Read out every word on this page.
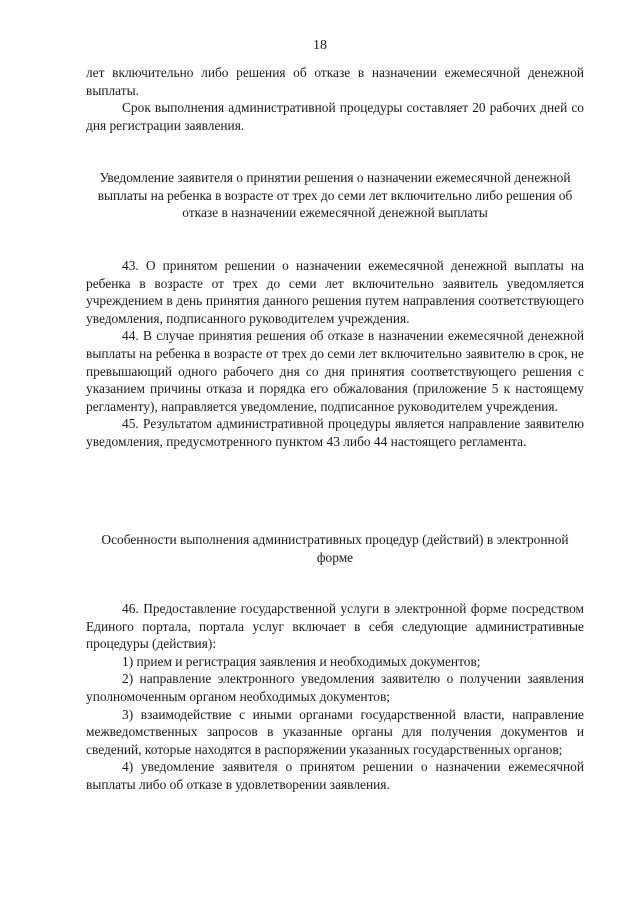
18

лет включительно либо решения об отказе в назначении ежемесячной денежной выплаты.

Срок выполнения административной процедуры составляет 20 рабочих дней со дня регистрации заявления.

Уведомление заявителя о принятии решения о назначении ежемесячной денежной выплаты на ребенка в возрасте от трех до семи лет включительно либо решения об отказе в назначении ежемесячной денежной выплаты

43. О принятом решении о назначении ежемесячной денежной выплаты на ребенка в возрасте от трех до семи лет включительно заявитель уведомляется учреждением в день принятия данного решения путем направления соответствующего уведомления, подписанного руководителем учреждения.

44. В случае принятия решения об отказе в назначении ежемесячной денежной выплаты на ребенка в возрасте от трех до семи лет включительно заявителю в срок, не превышающий одного рабочего дня со дня принятия соответствующего решения с указанием причины отказа и порядка его обжалования (приложение 5 к настоящему регламенту), направляется уведомление, подписанное руководителем учреждения.

45. Результатом административной процедуры является направление заявителю уведомления, предусмотренного пунктом 43 либо 44 настоящего регламента.

Особенности выполнения административных процедур (действий) в электронной форме

46. Предоставление государственной услуги в электронной форме посредством Единого портала, портала услуг включает в себя следующие административные процедуры (действия):

1) прием и регистрация заявления и необходимых документов;

2) направление электронного уведомления заявителю о получении заявления уполномоченным органом необходимых документов;

3) взаимодействие с иными органами государственной власти, направление межведомственных запросов в указанные органы для получения документов и сведений, которые находятся в распоряжении указанных государственных органов;

4) уведомление заявителя о принятом решении о назначении ежемесячной выплаты либо об отказе в удовлетворении заявления.
